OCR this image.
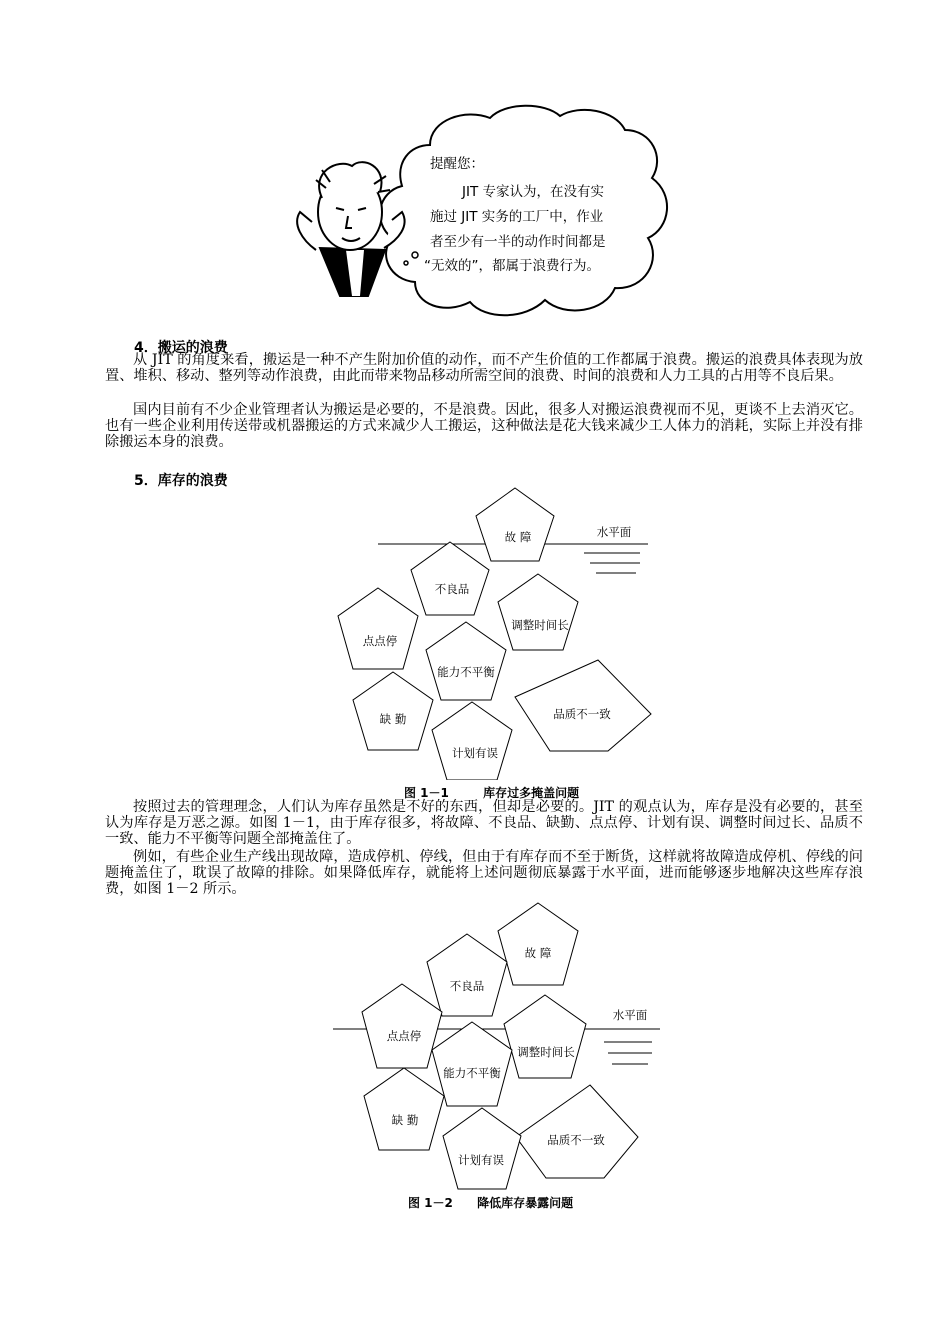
提醒您：
JIT 专家认为，在没有实
施过 JIT 实务的工厂中，作业
者至少有一半的动作时间都是
“无效的”，都属于浪费行为。
4．搬运的浪费

从 JIT 的角度来看，搬运是一种不产生附加价值的动作，而不产生价值的工作都属于浪费。搬运的浪费具体表现为放置、堆积、移动、整列等动作浪费，由此而带来物品移动所需空间的浪费、时间的浪费和人力工具的占用等不良后果。

国内目前有不少企业管理者认为搬运是必要的，不是浪费。因此，很多人对搬运浪费视而不见，更谈不上去消灭它。也有一些企业利用传送带或机器搬运的方式来减少人工搬运，这种做法是花大钱来减少工人体力的消耗，实际上并没有排除搬运本身的浪费。

5．库存的浪费
故 障
不良品
调整时间长
点点停
能力不平衡
品质不一致
缺 勤
计划有误
水平面
图 1－1	库存过多掩盖问题

按照过去的管理理念，人们认为库存虽然是不好的东西，但却是必要的。JIT 的观点认为，库存是没有必要的，甚至认为库存是万恶之源。如图 1－1，由于库存很多，将故障、不良品、缺勤、点点停、计划有误、调整时间过长、品质不一致、能力不平衡等问题全部掩盖住了。

例如，有些企业生产线出现故障，造成停机、停线，但由于有库存而不至于断货，这样就将故障造成停机、停线的问题掩盖住了，耽误了故障的排除。如果降低库存，就能将上述问题彻底暴露于水平面，进而能够逐步地解决这些库存浪费，如图 1－2 所示。

故 障
不良品
点点停
调整时间长
能力不平衡
缺 勤
品质不一致
计划有误
水平面
图 1－2 降低库存暴露问题
